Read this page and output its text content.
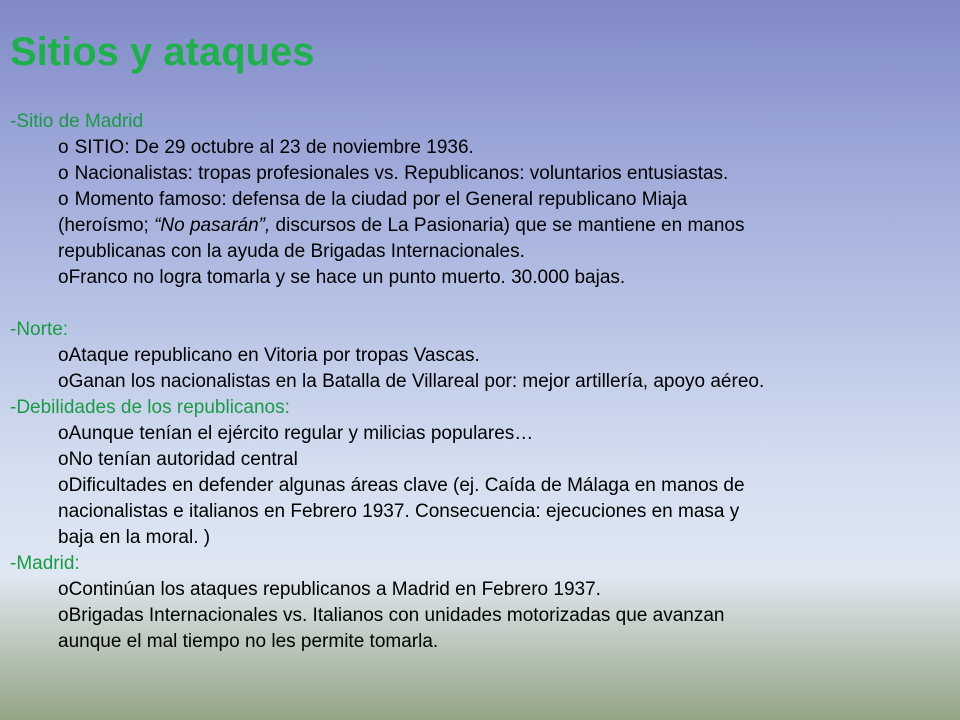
Sitios y ataques
-Sitio de Madrid
o SITIO: De 29 octubre al 23 de noviembre 1936.
o Nacionalistas: tropas profesionales vs. Republicanos: voluntarios entusiastas.
o Momento famoso: defensa de la ciudad por el General republicano Miaja
(heroísmo; “No pasarán”, discursos de La Pasionaria) que se mantiene en manos
republicanas con la ayuda de Brigadas Internacionales.
oFranco no logra tomarla y se hace un punto muerto. 30.000 bajas.
-Norte:
oAtaque republicano en Vitoria por tropas Vascas.
oGanan los nacionalistas en la Batalla de Villareal por: mejor artillería, apoyo aéreo.
-Debilidades de los republicanos:
oAunque tenían el ejército regular y milicias populares…
oNo tenían autoridad central
oDificultades en defender algunas áreas clave (ej. Caída de Málaga en manos de
nacionalistas e italianos en Febrero 1937. Consecuencia: ejecuciones en masa y
baja en la moral. )
-Madrid:
oContinúan los ataques republicanos a Madrid en Febrero 1937.
oBrigadas Internacionales vs. Italianos con unidades motorizadas que avanzan
aunque el mal tiempo no les permite tomarla.
